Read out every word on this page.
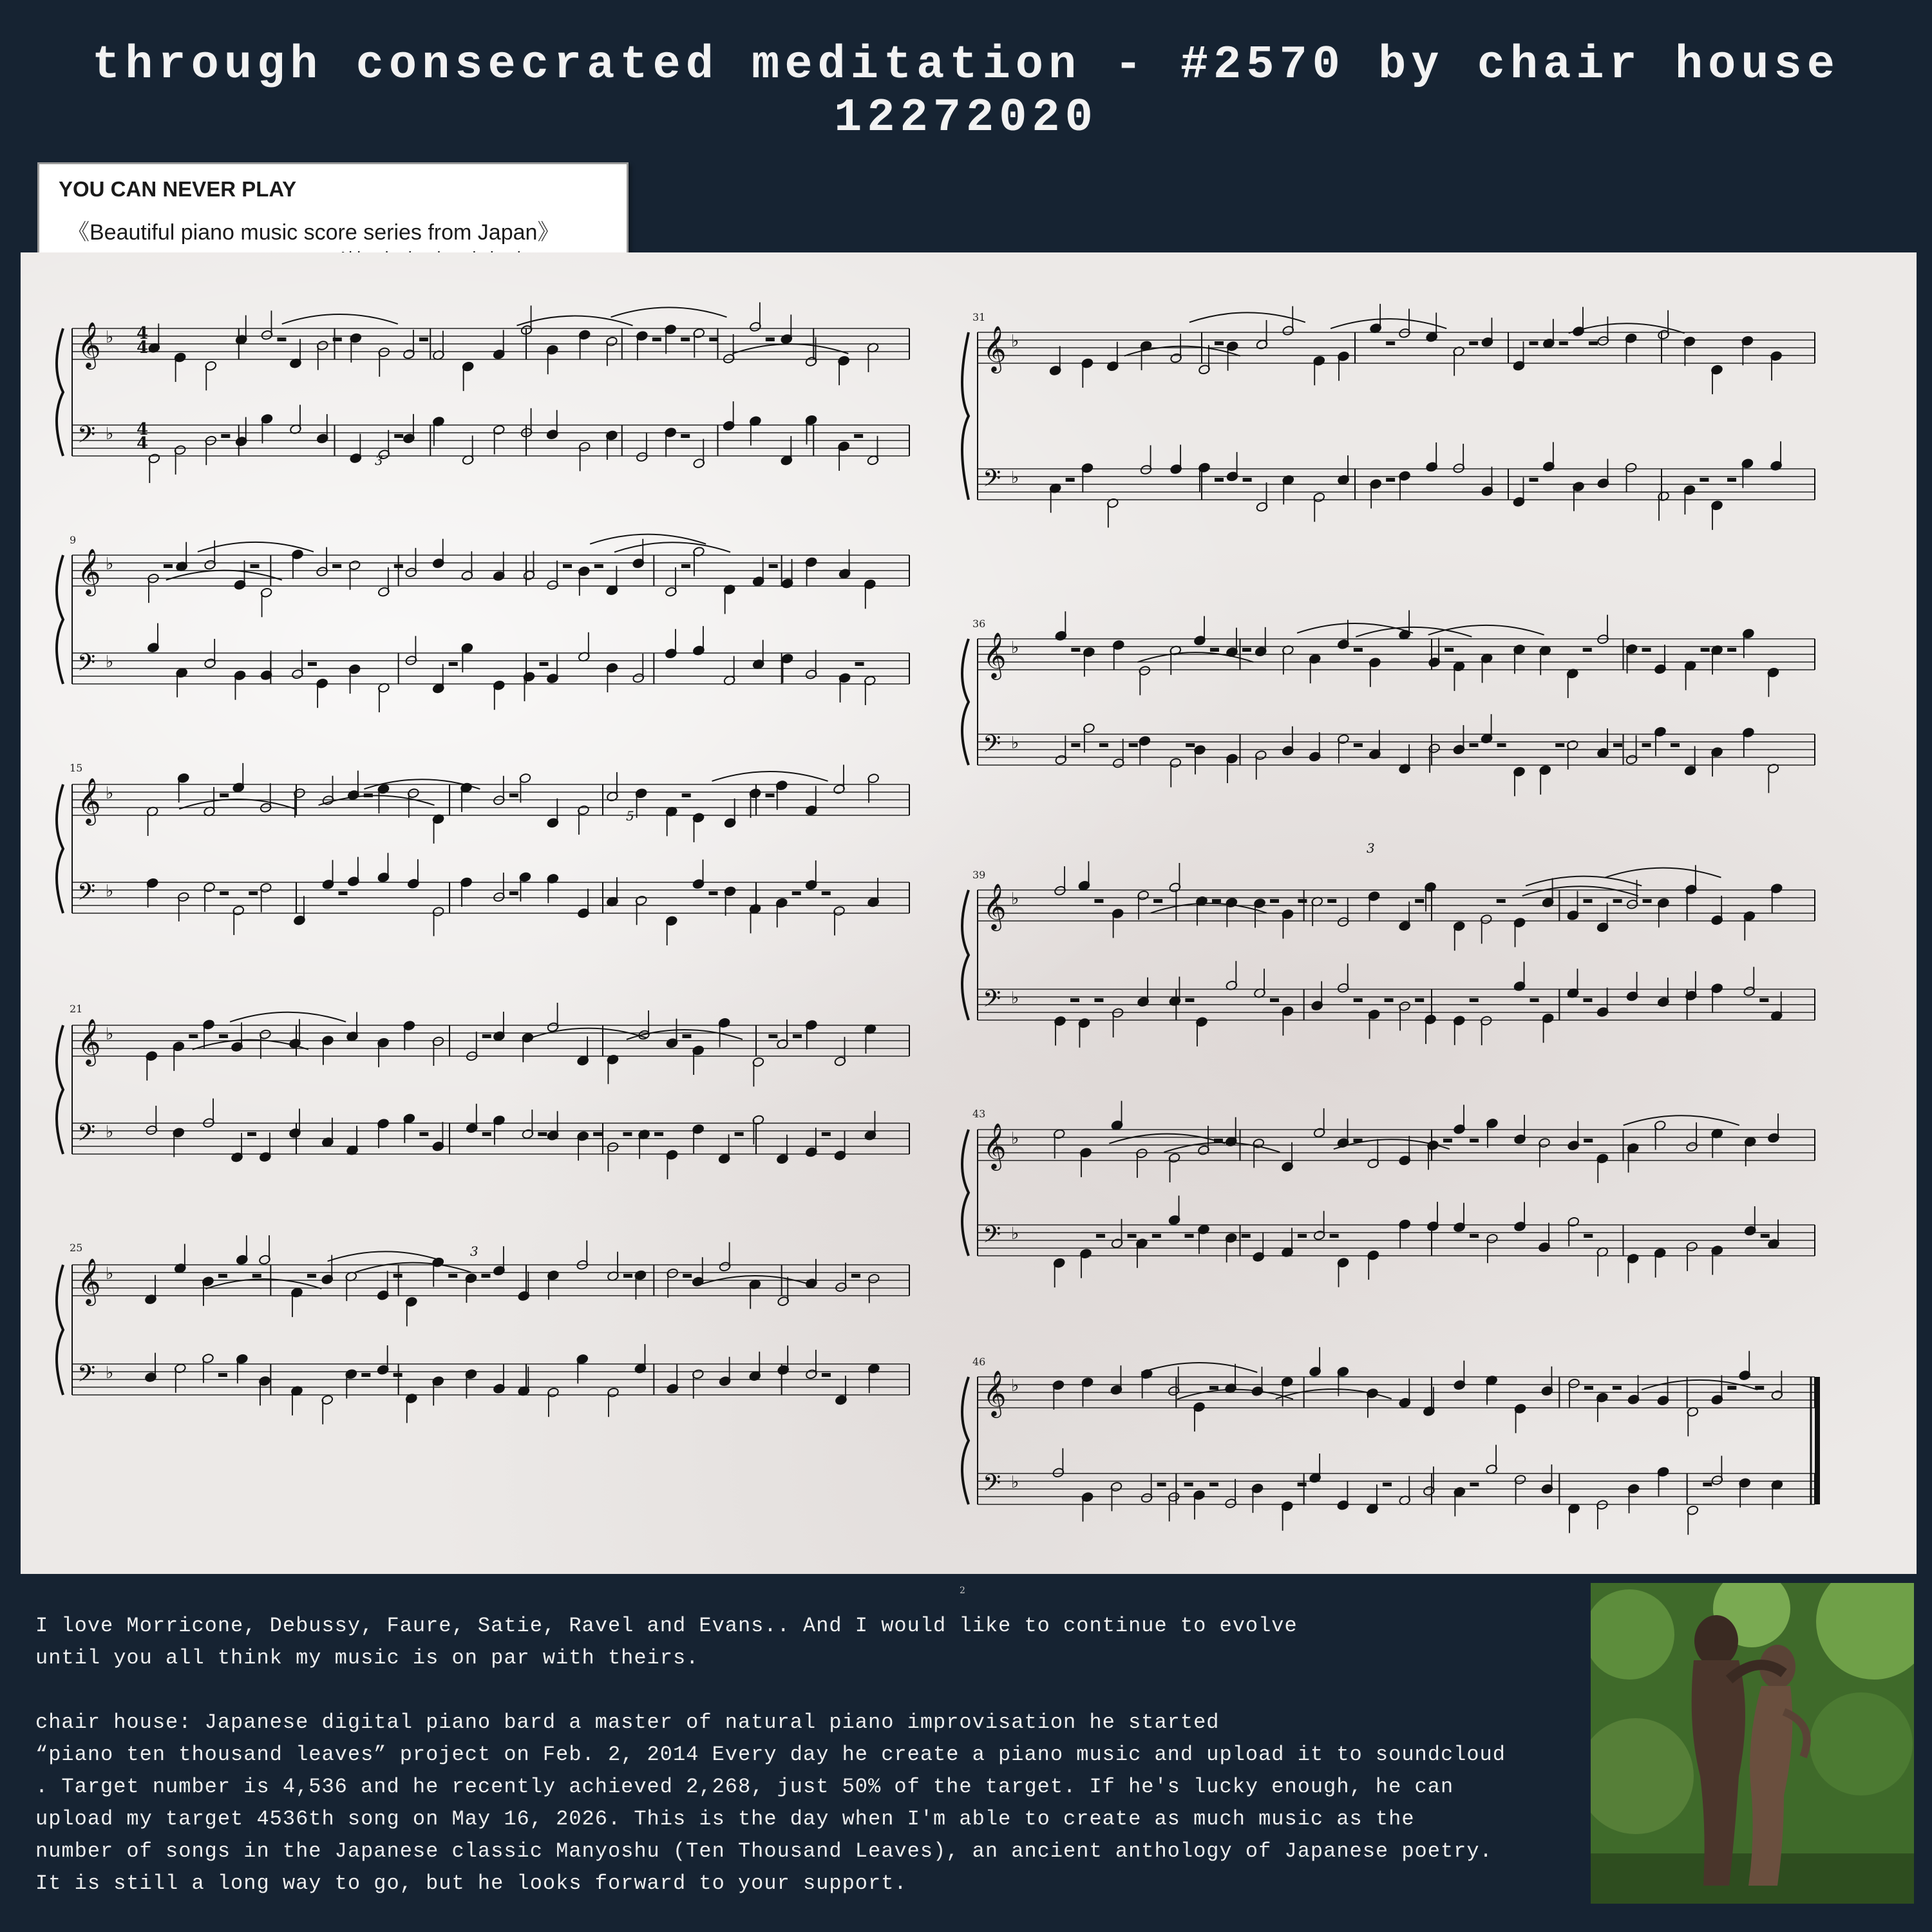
through consecrated meditation - #2570 by chair house 12272020
YOU CAN NEVER PLAY
《Beautiful piano music score series from Japan》
9
15
21
25
31
36
39
43
46
4
4
4
4
3
5
3
3
𝄞 ♭
𝄢 ♭
𝄞 ♭
𝄢 ♭
𝄞 ♭
𝄢 ♭
𝄞 ♭
𝄢 ♭
𝄞 ♭
𝄢 ♭
𝄞 ♭
𝄢 ♭
𝄞 ♭
𝄢 ♭
𝄞 ♭
𝄢 ♭
𝄞 ♭
𝄢 ♭
𝄞 ♭
𝄢 ♭
2

I love Morricone, Debussy, Faure, Satie, Ravel and Evans.. And I would like to continue to evolve
until you all think my music is on par with theirs.

chair house: Japanese digital piano bard a master of natural piano improvisation he started
“piano ten thousand leaves” project on Feb. 2, 2014 Every day he create a piano music and upload it to soundcloud
. Target number is 4,536 and he recently achieved 2,268, just 50% of the target. If he's lucky enough, he can
upload my target 4536th song on May 16, 2026. This is the day when I'm able to create as much music as the
number of songs in the Japanese classic Manyoshu (Ten Thousand Leaves), an ancient anthology of Japanese poetry.
It is still a long way to go, but he looks forward to your support.
